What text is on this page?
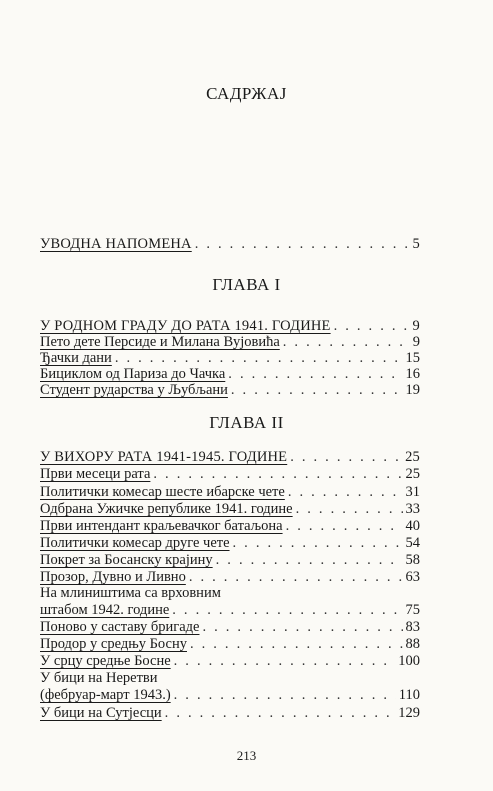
САДРЖАЈ
УВОДНА НАПОМЕНА . . .	5
ГЛАВА I
У РОДНОМ ГРАДУ ДО РАТА 1941. ГОДИНЕ . . .	9
Пето дете Персиде и Милана Вујовића . . .	9
Ђачки дани . . .	15
Бициклом од Париза до Чачка . . .	16
Студент рударства у Љубљани . . .	19
ГЛАВА II
У ВИХОРУ РАТА 1941-1945. ГОДИНЕ . . .	25
Први месеци рата . . .	25
Политички комесар шесте ибарске чете . . .	31
Одбрана Ужичке републике 1941. године . . .	33
Први интендант краљевачког батаљона . . .	40
Политички комесар друге чете . . .	54
Покрет за Босанску крајину . . .	58
Прозор, Дувно и Ливно . . .	63
На млиништима са врховним
штабом 1942. године . . .	75
Поново у саставу бригаде . . .	83
Продор у средњу Босну . . .	88
У срцу средње Босне . . .	100
У бици на Неретви
(фебруар-март 1943.) . . .	110
У бици на Сутјесци . . .	129
213
